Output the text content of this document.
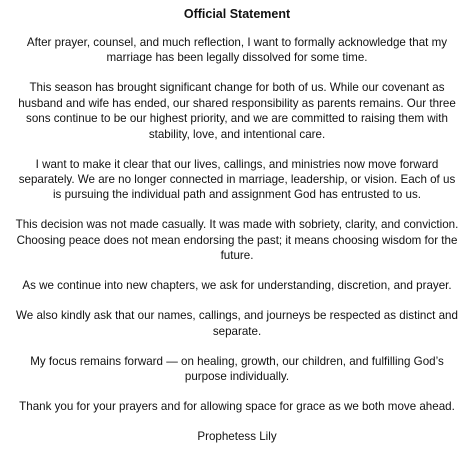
Official Statement

After prayer, counsel, and much reflection, I want to formally acknowledge that my marriage has been legally dissolved for some time.

This season has brought significant change for both of us. While our covenant as husband and wife has ended, our shared responsibility as parents remains. Our three sons continue to be our highest priority, and we are committed to raising them with stability, love, and intentional care.

I want to make it clear that our lives, callings, and ministries now move forward separately. We are no longer connected in marriage, leadership, or vision. Each of us is pursuing the individual path and assignment God has entrusted to us.

This decision was not made casually. It was made with sobriety, clarity, and conviction. Choosing peace does not mean endorsing the past; it means choosing wisdom for the future.

As we continue into new chapters, we ask for understanding, discretion, and prayer.

We also kindly ask that our names, callings, and journeys be respected as distinct and separate.

My focus remains forward — on healing, growth, our children, and fulfilling God’s purpose individually.

Thank you for your prayers and for allowing space for grace as we both move ahead.

Prophetess Lily
